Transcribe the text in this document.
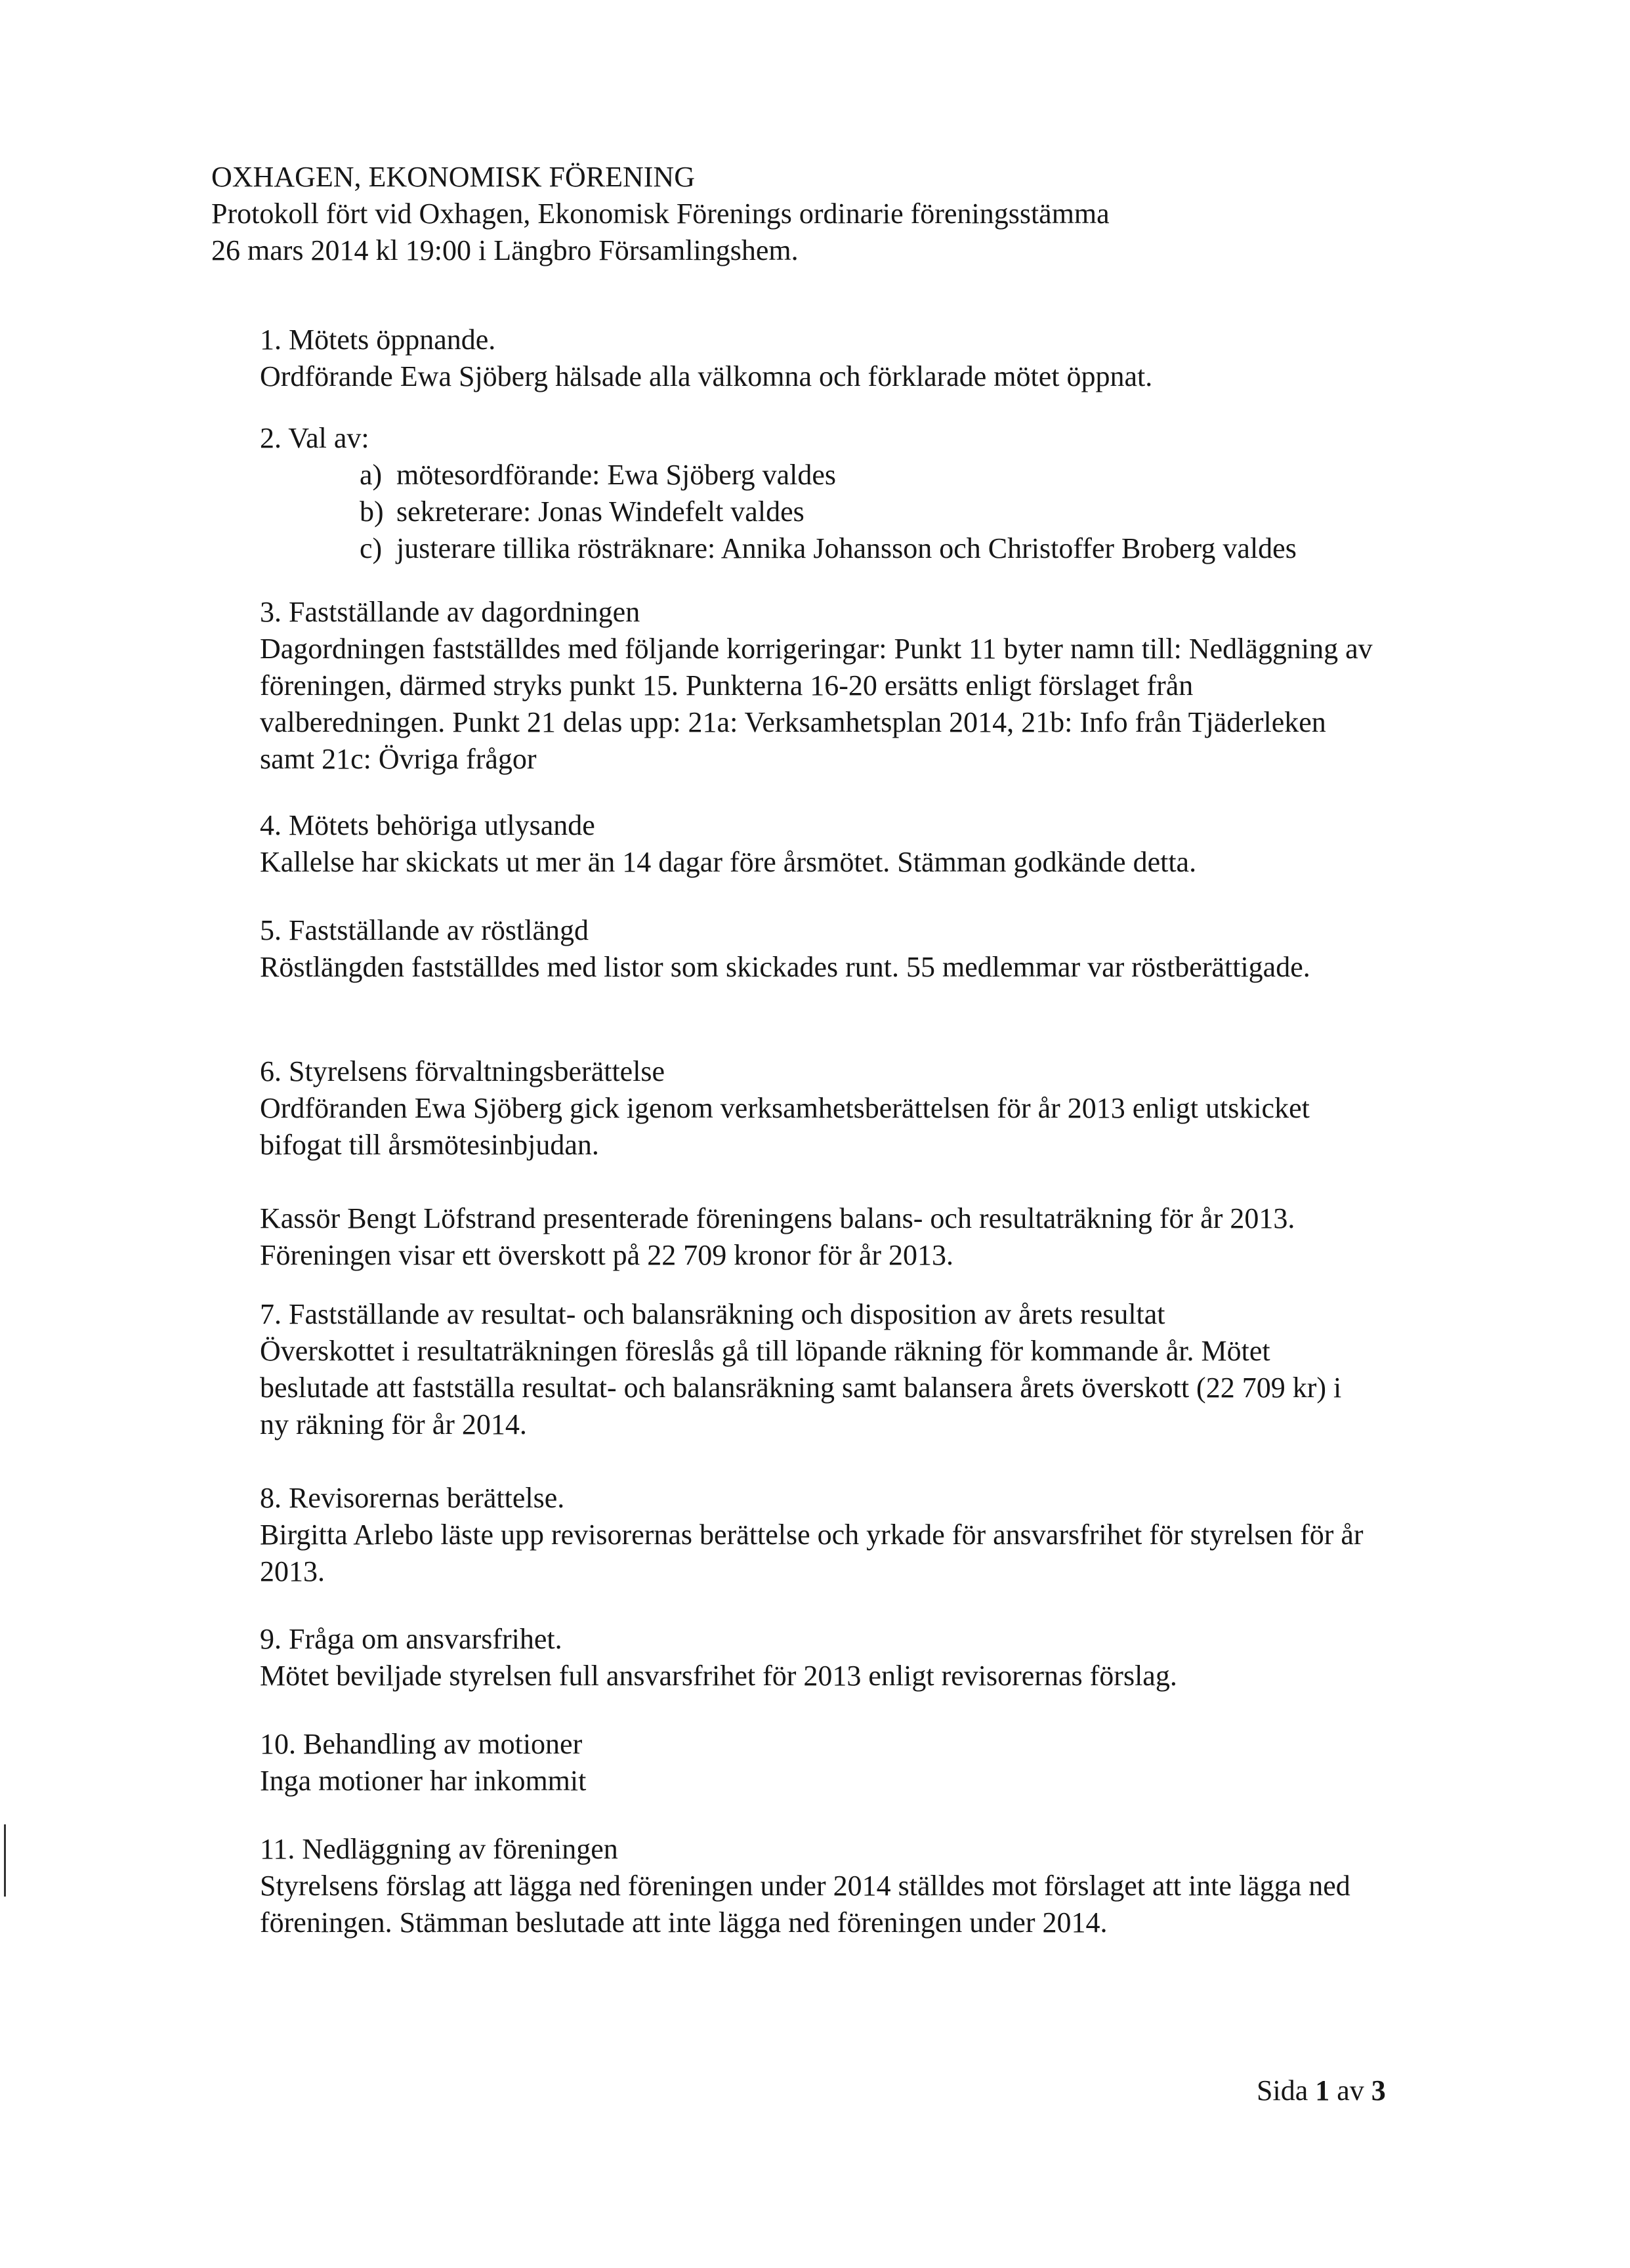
OXHAGEN, EKONOMISK FÖRENING
Protokoll fört vid Oxhagen, Ekonomisk Förenings ordinarie föreningsstämma
26 mars 2014 kl 19:00 i Längbro Församlingshem.
1. Mötets öppnande.

Ordförande Ewa Sjöberg hälsade alla välkomna och förklarade mötet öppnat.

2. Val av:
a) mötesordförande: Ewa Sjöberg valdes
b) sekreterare: Jonas Windefelt valdes
c) justerare tillika rösträknare: Annika Johansson och Christoffer Broberg valdes
3. Fastställande av dagordningen

Dagordningen fastställdes med följande korrigeringar: Punkt 11 byter namn till: Nedläggning av föreningen, därmed stryks punkt 15. Punkterna 16-20 ersätts enligt förslaget från valberedningen. Punkt 21 delas upp: 21a: Verksamhetsplan 2014, 21b: Info från Tjäderleken samt 21c: Övriga frågor

4. Mötets behöriga utlysande

Kallelse har skickats ut mer än 14 dagar före årsmötet. Stämman godkände detta.

5. Fastställande av röstlängd

Röstlängden fastställdes med listor som skickades runt. 55 medlemmar var röstberättigade.

6. Styrelsens förvaltningsberättelse

Ordföranden Ewa Sjöberg gick igenom verksamhetsberättelsen för år 2013 enligt utskicket bifogat till årsmötesinbjudan.

Kassör Bengt Löfstrand presenterade föreningens balans- och resultaträkning för år 2013. Föreningen visar ett överskott på 22 709 kronor för år 2013.

7. Fastställande av resultat- och balansräkning och disposition av årets resultat

Överskottet i resultaträkningen föreslås gå till löpande räkning för kommande år. Mötet beslutade att fastställa resultat- och balansräkning samt balansera årets överskott (22 709 kr) i ny räkning för år 2014.

8. Revisorernas berättelse.

Birgitta Arlebo läste upp revisorernas berättelse och yrkade för ansvarsfrihet för styrelsen för år 2013.

9. Fråga om ansvarsfrihet.

Mötet beviljade styrelsen full ansvarsfrihet för 2013 enligt revisorernas förslag.

10. Behandling av motioner

Inga motioner har inkommit

11. Nedläggning av föreningen

Styrelsens förslag att lägga ned föreningen under 2014 ställdes mot förslaget att inte lägga ned föreningen. Stämman beslutade att inte lägga ned föreningen under 2014.

Sida 1 av 3
